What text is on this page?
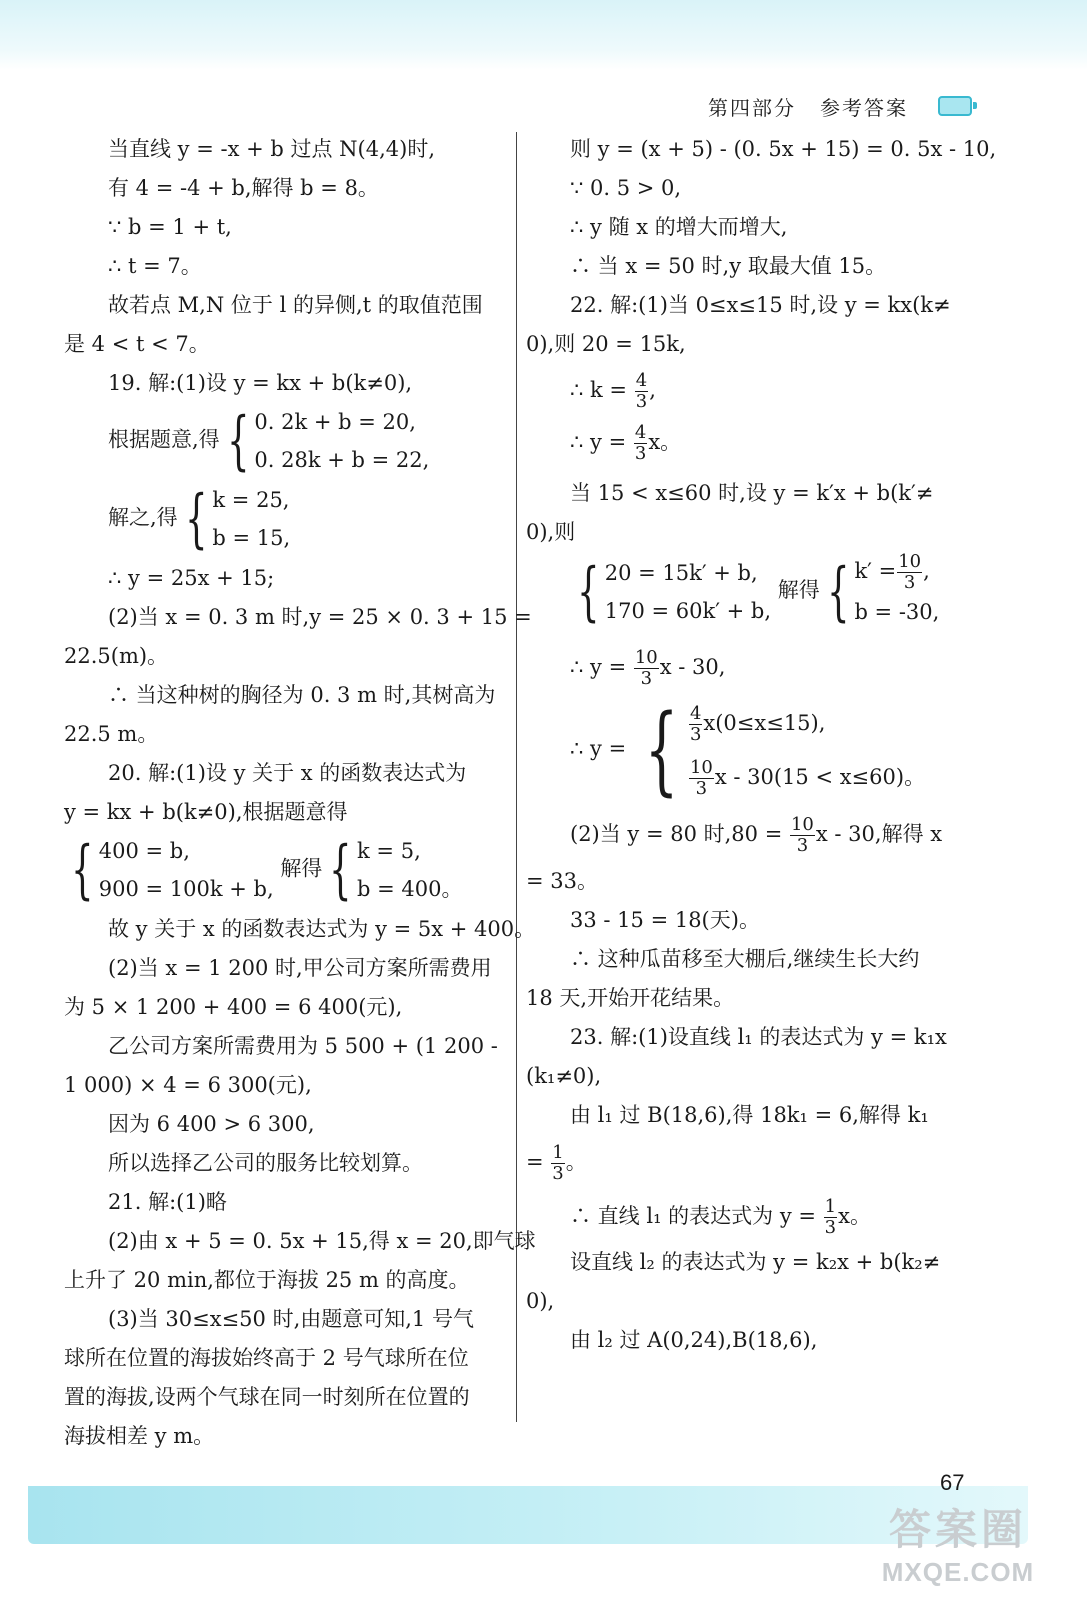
第四部分 参考答案
当直线 y = -x + b 过点 N(4,4)时,
有 4 = -4 + b,解得 b = 8。
∵ b = 1 + t,
∴ t = 7。
故若点 M,N 位于 l 的异侧,t 的取值范围
是 4 < t < 7。
19. 解:(1)设 y = kx + b(k≠0),
根据题意,得 { 0. 2k + b = 20,
0. 28k + b = 22,
解之,得 { k = 25,
b = 15,
∴ y = 25x + 15;
(2)当 x = 0. 3 m 时,y = 25 × 0. 3 + 15 =
22.5(m)。
∴ 当这种树的胸径为 0. 3 m 时,其树高为
22.5 m。
20. 解:(1)设 y 关于 x 的函数表达式为
y = kx + b(k≠0),根据题意得
{ 400 = b,
900 = 100k + b,
解得 { k = 5,
b = 400。
故 y 关于 x 的函数表达式为 y = 5x + 400。
(2)当 x = 1 200 时,甲公司方案所需费用
为 5 × 1 200 + 400 = 6 400(元),
乙公司方案所需费用为 5 500 + (1 200 -
1 000) × 4 = 6 300(元),
因为 6 400 > 6 300,
所以选择乙公司的服务比较划算。
21. 解:(1)略
(2)由 x + 5 = 0. 5x + 15,得 x = 20,即气球
上升了 20 min,都位于海拔 25 m 的高度。
(3)当 30≤x≤50 时,由题意可知,1 号气
球所在位置的海拔始终高于 2 号气球所在位
置的海拔,设两个气球在同一时刻所在位置的
海拔相差 y m。
则 y = (x + 5) - (0. 5x + 15) = 0. 5x - 10,
∵ 0. 5 > 0,
∴ y 随 x 的增大而增大,
∴ 当 x = 50 时,y 取最大值 15。
22. 解:(1)当 0≤x≤15 时,设 y = kx(k≠
0),则 20 = 15k,
∴ $k = \frac{4}{3}$ ,
∴ $y = \frac{4}{3}$ x。
当 15 < x≤60 时,设 y = k′x + b(k′≠
0),则
{ 20 = 15k′ + b,
170 = 60k′ + b,
解得 { $k' = \frac{10}{3}$ ,
b = -30,
∴ $y = \frac{10}{3}$ x - 30,
∴ y = { $\frac{4}{3} x(0\le x\le 15)$,
$\frac{10}{3}$ x - 30(15 < x≤60)。
(2)当 y = 80 时$,80 = \frac{10}{3}$ x - 30,解得 x
= 33。
33 - 15 = 18(天)。
∴ 这种瓜苗移至大棚后,继续生长大约
18 天,开始开花结果。
23. 解:(1)设直线 l₁ 的表达式为 y = k₁x
(k₁≠0),
由 l₁ 过 B(18,6),得 18k₁ = 6,解得 k₁
= $\frac{1}{3}$ 。
∴ 直线 l₁ 的表达式为 $y = \frac{1}{3}$ x。
设直线 l₂ 的表达式为 y = k₂x + b(k₂≠
0),
由 l₂ 过 A(0,24),B(18,6),
67
答案圈
MXQE.COM
